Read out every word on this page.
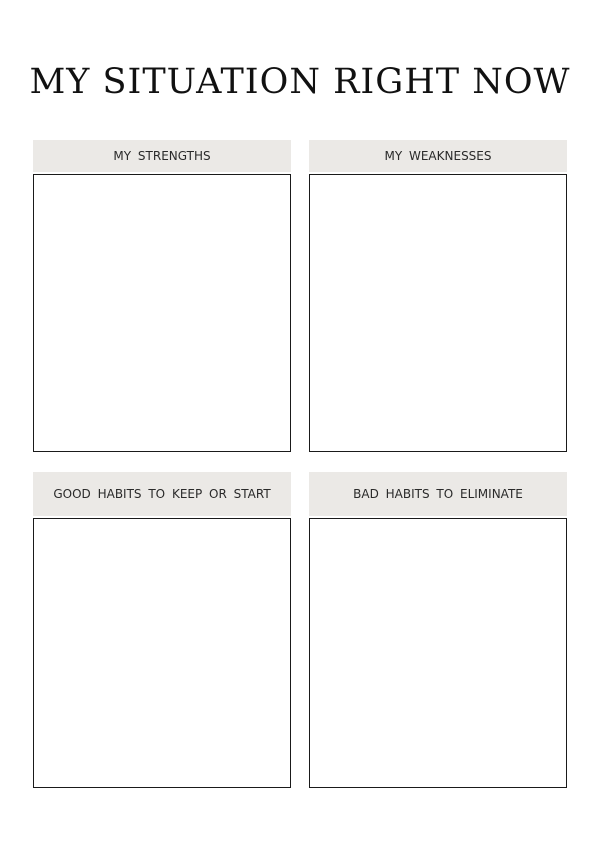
MY SITUATION RIGHT NOW
MY STRENGTHS	MY WEAKNESSES
GOOD HABITS TO KEEP OR START	BAD HABITS TO ELIMINATE
